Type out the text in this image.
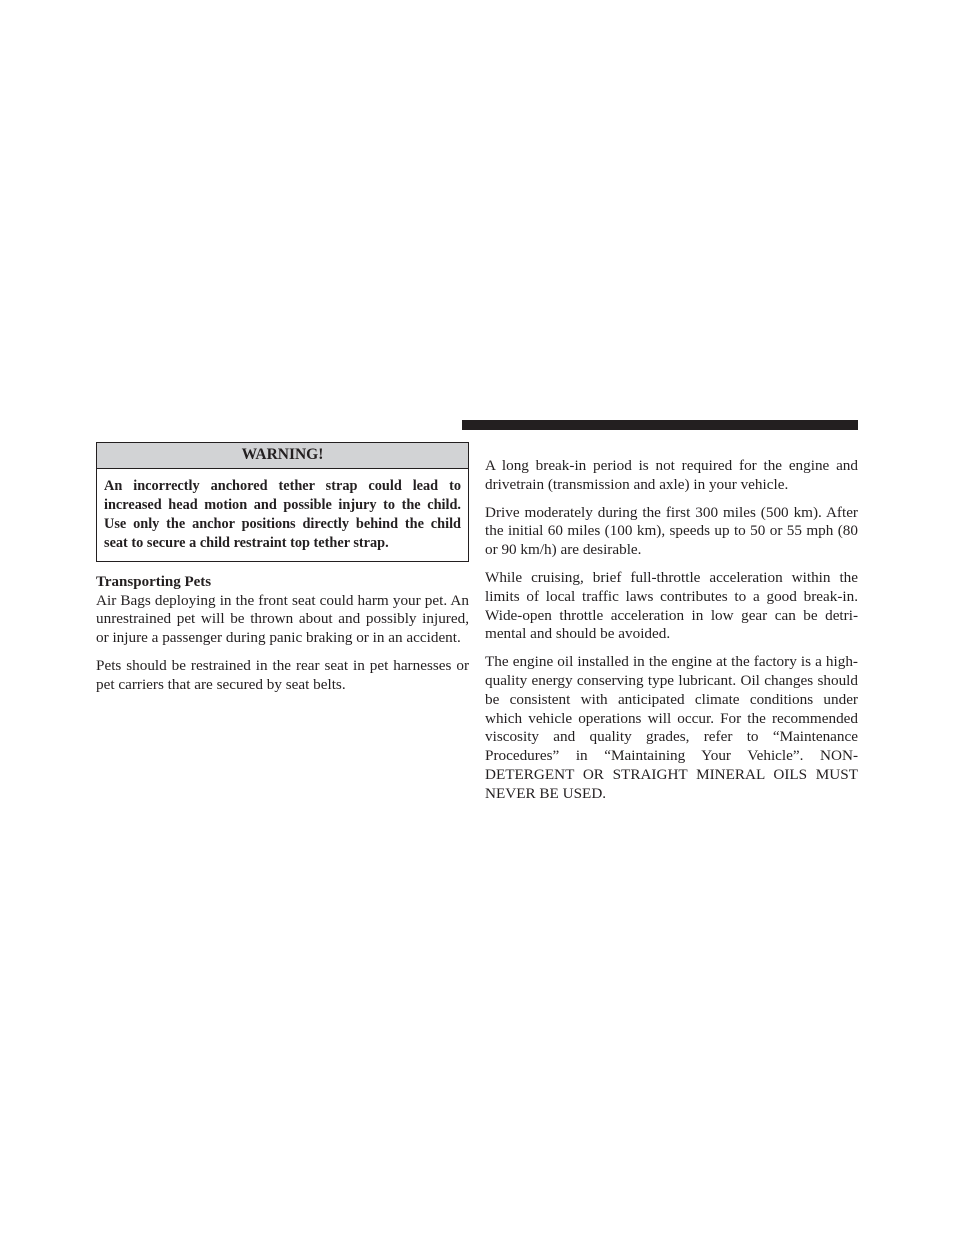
WARNING!
An incorrectly anchored tether strap could lead to increased head motion and possible injury to the child. Use only the anchor positions directly behind the child seat to secure a child restraint top tether strap.
Transporting Pets

Air Bags deploying in the front seat could harm your pet. An unrestrained pet will be thrown about and possibly injured, or injure a passenger during panic braking or in an accident.

Pets should be restrained in the rear seat in pet harnesses or pet carriers that are secured by seat belts.

A long break-in period is not required for the engine and drivetrain (transmission and axle) in your vehicle.

Drive moderately during the first 300 miles (500 km). After the initial 60 miles (100 km), speeds up to 50 or 55 mph (80 or 90 km/h) are desirable.

While cruising, brief full-throttle acceleration within the limits of local traffic laws contributes to a good break-in. Wide-open throttle acceleration in low gear can be detrimental and should be avoided.

The engine oil installed in the engine at the factory is a high-quality energy conserving type lubricant. Oil changes should be consistent with anticipated climate conditions under which vehicle operations will occur. For the recommended viscosity and quality grades, refer to “Maintenance Procedures” in “Maintaining Your Vehicle”. NON-DETERGENT OR STRAIGHT MINERAL OILS MUST NEVER BE USED.
